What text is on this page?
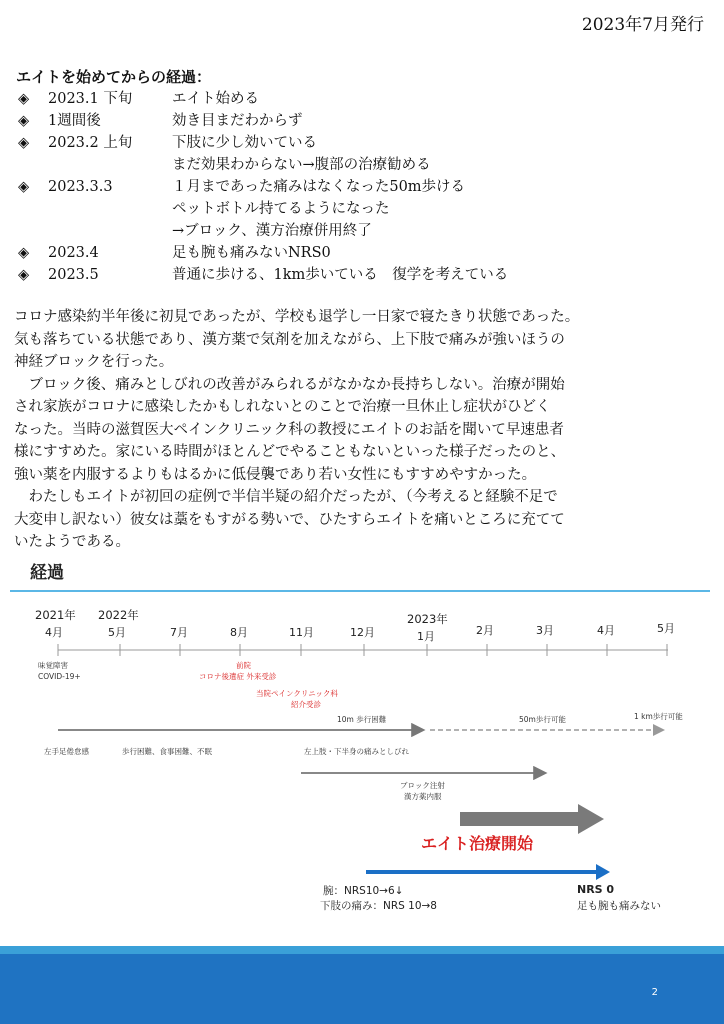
2023年7月発行
エイトを始めてからの経過：
◈ 2023.1 下旬	エイト始める
◈ 1週間後	効き目まだわからず
◈ 2023.2 上旬	下肢に少し効いている
まだ効果わからない→腹部の治療勧める
◈ 2023.3.3	１月まであった痛みはなくなった50m歩ける
ペットボトル持てるようになった
→ブロック、漢方治療併用終了
◈ 2023.4	足も腕も痛みないNRS0
◈ 2023.5	普通に歩ける、1km歩いている　復学を考えている
コロナ感染約半年後に初見であったが、学校も退学し一日家で寝たきり状態であった。
気も落ちている状態であり、漢方薬で気剤を加えながら、上下肢で痛みが強いほうの
神経ブロックを行った。
　ブロック後、痛みとしびれの改善がみられるがなかなか長持ちしない。治療が開始
され家族がコロナに感染したかもしれないとのことで治療一旦休止し症状がひどく
なった。当時の滋賀医大ペインクリニック科の教授にエイトのお話を聞いて早速患者
様にすすめた。家にいる時間がほとんどでやることもないといった様子だったのと、
強い薬を内服するよりもはるかに低侵襲であり若い女性にもすすめやすかった。
　わたしもエイトが初回の症例で半信半疑の紹介だったが、（今考えると経験不足で
大変申し訳ない）彼女は藁をもすがる勢いで、ひたすらエイトを痛いところに充てて
いたようである。
経過
2021年 2022年	2023年
4月	5月	7月	8月	11月	12月	1月	2月	3月	4月	5月
味覚障害
COVID-19+
前院
コロナ後遺症 外来受診
当院ペインクリニック科
紹介受診
10m 歩行困難	50m歩行可能	1 km歩行可能
左手足倦怠感	歩行困難、食事困難、不眠	左上肢・下半身の痛みとしびれ
ブロック注射
漢方薬内服
エイト治療開始
腕：NRS10→6↓
下肢の痛み：NRS 10→8
NRS 0
足も腕も痛みない
2
